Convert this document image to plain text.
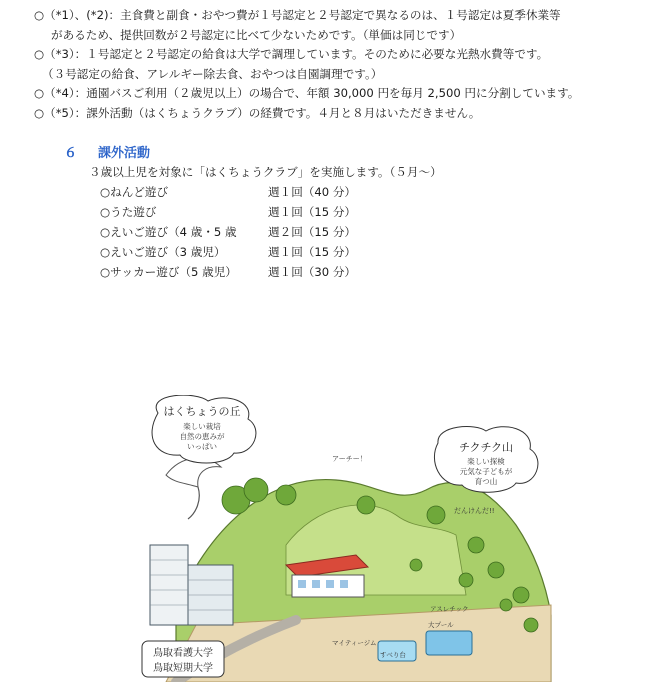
○（*1）、(*2)：主食費と副食・おやつ費が１号認定と２号認定で異なるのは、１号認定は夏季休業等
があるため、提供回数が２号認定に比べて少ないためです。（単価は同じです）
○（*3）：１号認定と２号認定の給食は大学で調理しています。そのために必要な光熱水費等です。
（３号認定の給食、アレルギー除去食、おやつは自園調理です。）
○（*4）：通園バスご利用（２歳児以上）の場合で、年額 30,000 円を毎月 2,500 円に分割しています。
○（*5）：課外活動（はくちょうクラブ）の経費です。４月と８月はいただきません。
６ 課外活動
３歳以上児を対象に「はくちょうクラブ」を実施します。（５月～）
○ねんど遊び	週１回（40 分）
○うた遊び	週１回（15 分）
○えいご遊び（4 歳・5 歳	週２回（15 分）
○えいご遊び（3 歳児）	週１回（15 分）
○サッカー遊び（5 歳児）	週１回（30 分）
はくちょうの丘
楽しい栽培
自然の恵みが
いっぱい	チクチク山
楽しい探検
元気な子どもが
育つ山
アーチー！
だんけんだ!!
アスレチック
マイティージム
大プール
すべり台
鳥取看護大学
鳥取短期大学
